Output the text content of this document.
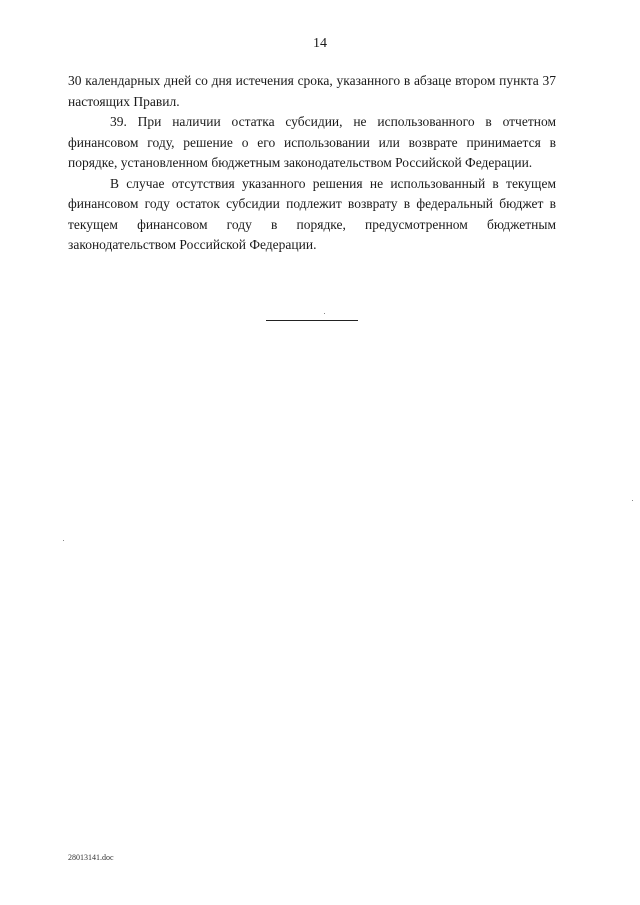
14

30 календарных дней со дня истечения срока, указанного в абзаце втором пункта 37 настоящих Правил.

39. При наличии остатка субсидии, не использованного в отчетном финансовом году, решение о его использовании или возврате принимается в порядке, установленном бюджетным законодательством Российской Федерации.

В случае отсутствия указанного решения не использованный в текущем финансовом году остаток субсидии подлежит возврату в федеральный бюджет в текущем финансовом году в порядке, предусмотренном бюджетным законодательством Российской Федерации.

28013141.doc
